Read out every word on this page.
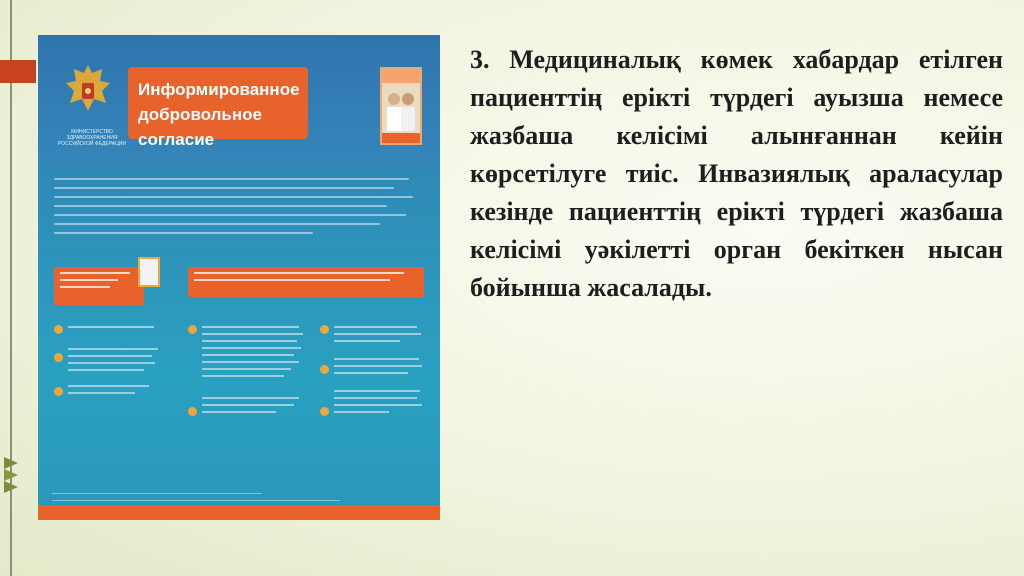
МИНИСТЕРСТВО ЗДРАВООХРАНЕНИЯ РОССИЙСКОЙ ФЕДЕРАЦИИ
Информированное
добровольное согласие
3. Медициналық көмек хабардар етілген пациенттің ерікті түрдегі ауызша немесе жазбаша келісімі алынғаннан кейін көрсетілуге тиіс. Инвазиялық араласулар кезінде пациенттің ерікті түрдегі жазбаша келісімі уәкілетті орган бекіткен нысан бойынша жасалады.
